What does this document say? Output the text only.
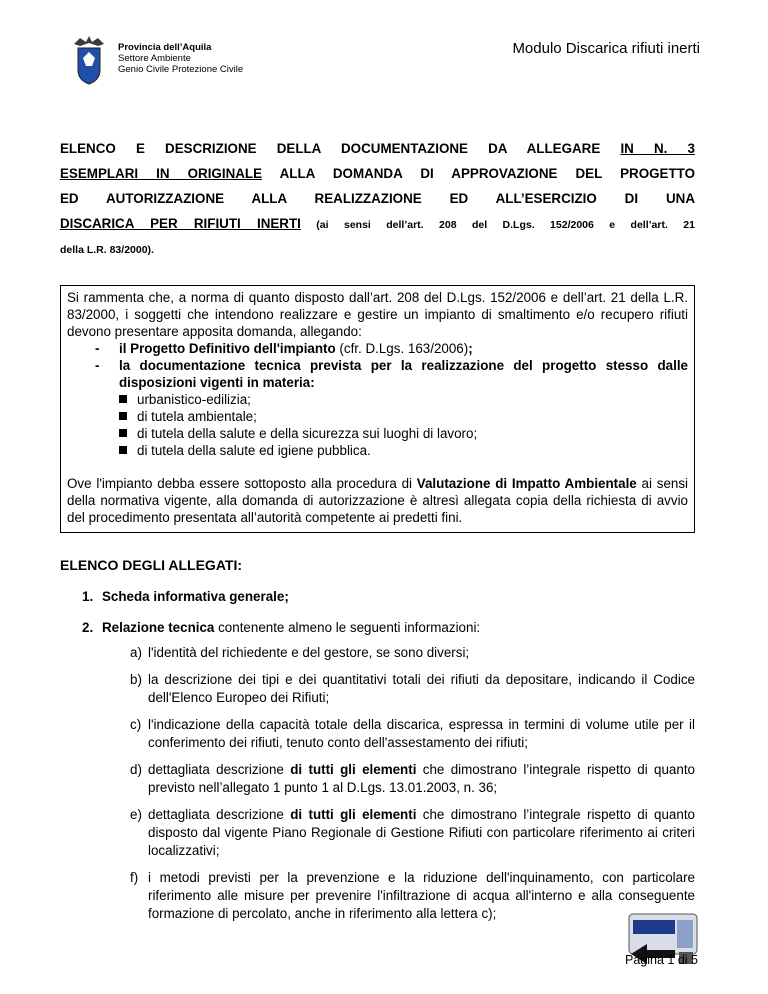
Provincia dell’Aquila
Settore Ambiente
Genio Civile Protezione Civile
Modulo Discarica rifiuti inerti
ELENCO E DESCRIZIONE DELLA DOCUMENTAZIONE DA ALLEGARE IN N. 3
ESEMPLARI IN ORIGINALE ALLA DOMANDA DI APPROVAZIONE DEL PROGETTO
ED AUTORIZZAZIONE ALLA REALIZZAZIONE ED ALL’ESERCIZIO DI UNA
DISCARICA PER RIFIUTI INERTI (ai sensi dell’art. 208 del D.Lgs. 152/2006 e dell’art. 21
della L.R. 83/2000).

Si rammenta che, a norma di quanto disposto dall’art. 208 del D.Lgs. 152/2006 e dell’art. 21 della L.R. 83/2000, i soggetti che intendono realizzare e gestire un impianto di smaltimento e/o recupero rifiuti devono presentare apposita domanda, allegando:

-	il Progetto Definitivo dell'impianto (cfr. D.Lgs. 163/2006);
-	la documentazione tecnica prevista per la realizzazione del progetto stesso dalle disposizioni vigenti in materia:
urbanistico-edilizia;
di tutela ambientale;
di tutela della salute e della sicurezza sui luoghi di lavoro;
di tutela della salute ed igiene pubblica.

Ove l'impianto debba essere sottoposto alla procedura di Valutazione di Impatto Ambientale ai sensi della normativa vigente, alla domanda di autorizzazione è altresì allegata copia della richiesta di avvio del procedimento presentata all’autorità competente ai predetti fini.

ELENCO DEGLI ALLEGATI:
1. Scheda informativa generale;
2. Relazione tecnica contenente almeno le seguenti informazioni:
a) l'identità del richiedente e del gestore, se sono diversi;
b) la descrizione dei tipi e dei quantitativi totali dei rifiuti da depositare, indicando il Codice dell'Elenco Europeo dei Rifiuti;
c) l'indicazione della capacità totale della discarica, espressa in termini di volume utile per il conferimento dei rifiuti, tenuto conto dell'assestamento dei rifiuti;
d) dettagliata descrizione di tutti gli elementi che dimostrano l’integrale rispetto di quanto previsto nell’allegato 1 punto 1 al D.Lgs. 13.01.2003, n. 36;
e) dettagliata descrizione di tutti gli elementi che dimostrano l’integrale rispetto di quanto disposto dal vigente Piano Regionale di Gestione Rifiuti con particolare riferimento ai criteri localizzativi;
f) i metodi previsti per la prevenzione e la riduzione dell'inquinamento, con particolare riferimento alle misure per prevenire l'infiltrazione di acqua all'interno e alla conseguente formazione di percolato, anche in riferimento alla lettera c);
Pagina 1 di 5
